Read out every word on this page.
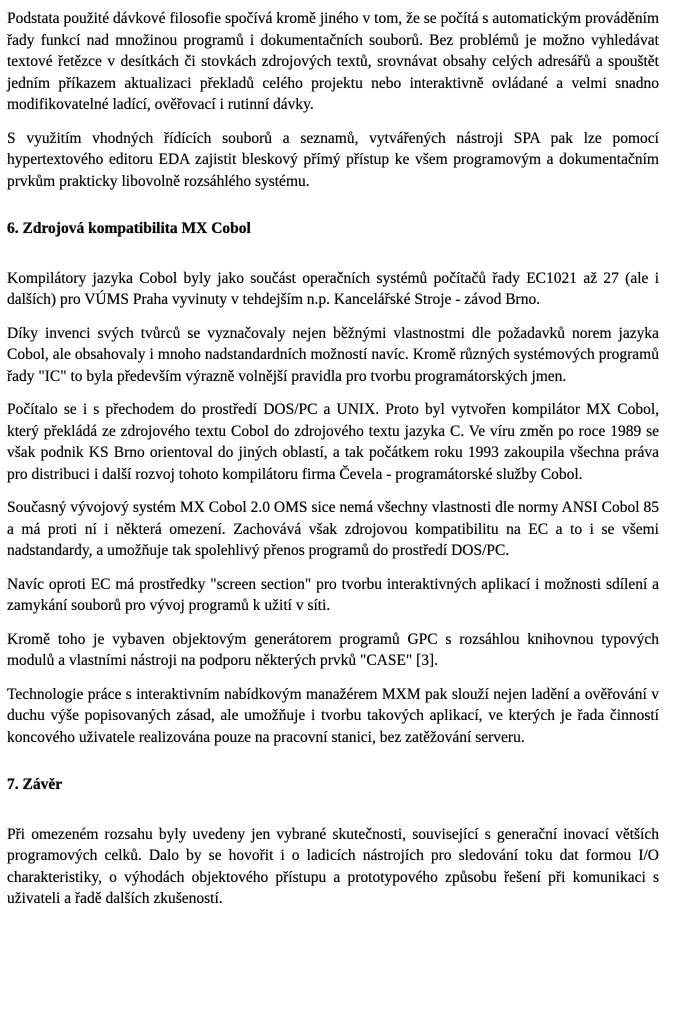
Podstata použité dávkové filosofie spočívá kromě jiného v tom, že se počítá s automatickým prováděním řady funkcí nad množinou programů i dokumentačních souborů. Bez problémů je možno vyhledávat textové řetězce v desítkách či stovkách zdrojových textů, srovnávat obsahy celých adresářů a spouštět jedním příkazem aktualizaci překladů celého projektu nebo interaktivně ovládané a velmi snadno modifikovatelné ladící, ověřovací i rutinní dávky.

S využitím vhodných řídících souborů a seznamů, vytvářených nástroji SPA pak lze pomocí hypertextového editoru EDA zajistit bleskový přímý přístup ke všem programovým a dokumentačním prvkům prakticky libovolně rozsáhlého systému.

6. Zdrojová kompatibilita MX Cobol

Kompilátory jazyka Cobol byly jako součást operačních systémů počítačů řady EC1021 až 27 (ale i dalších) pro VÚMS Praha vyvinuty v tehdejším n.p. Kancelářské Stroje - závod Brno.

Díky invenci svých tvůrců se vyznačovaly nejen běžnými vlastnostmi dle požadavků norem jazyka Cobol, ale obsahovaly i mnoho nadstandardních možností navíc. Kromě různých systémových programů řady "IC" to byla především výrazně volnější pravidla pro tvorbu programátorských jmen.

Počítalo se i s přechodem do prostředí DOS/PC a UNIX. Proto byl vytvořen kompilátor MX Cobol, který překládá ze zdrojového textu Cobol do zdrojového textu jazyka C. Ve víru změn po roce 1989 se však podnik KS Brno orientoval do jiných oblastí, a tak počátkem roku 1993 zakoupila všechna práva pro distribuci i další rozvoj tohoto kompilátoru firma Čevela - programátorské služby Cobol.

Současný vývojový systém MX Cobol 2.0 OMS sice nemá všechny vlastnosti dle normy ANSI Cobol 85 a má proti ní i některá omezení. Zachovává však zdrojovou kompatibilitu na EC a to i se všemi nadstandardy, a umožňuje tak spolehlivý přenos programů do prostředí DOS/PC.

Navíc oproti EC má prostředky "screen section" pro tvorbu interaktivných aplikací i možnosti sdílení a zamykání souborů pro vývoj programů k užití v síti.

Kromě toho je vybaven objektovým generátorem programů GPC s rozsáhlou knihovnou typových modulů a vlastními nástroji na podporu některých prvků "CASE" [3].

Technologie práce s interaktivním nabídkovým manažérem MXM pak slouží nejen ladění a ověřování v duchu výše popisovaných zásad, ale umožňuje i tvorbu takových aplikací, ve kterých je řada činností koncového uživatele realizována pouze na pracovní stanici, bez zatěžování serveru.

7. Závěr

Při omezeném rozsahu byly uvedeny jen vybrané skutečnosti, související s generační inovací větších programových celků. Dalo by se hovořit i o ladicích nástrojích pro sledování toku dat formou I/O charakteristiky, o výhodách objektového přístupu a prototypového způsobu řešení při komunikaci s uživateli a řadě dalších zkušeností.
